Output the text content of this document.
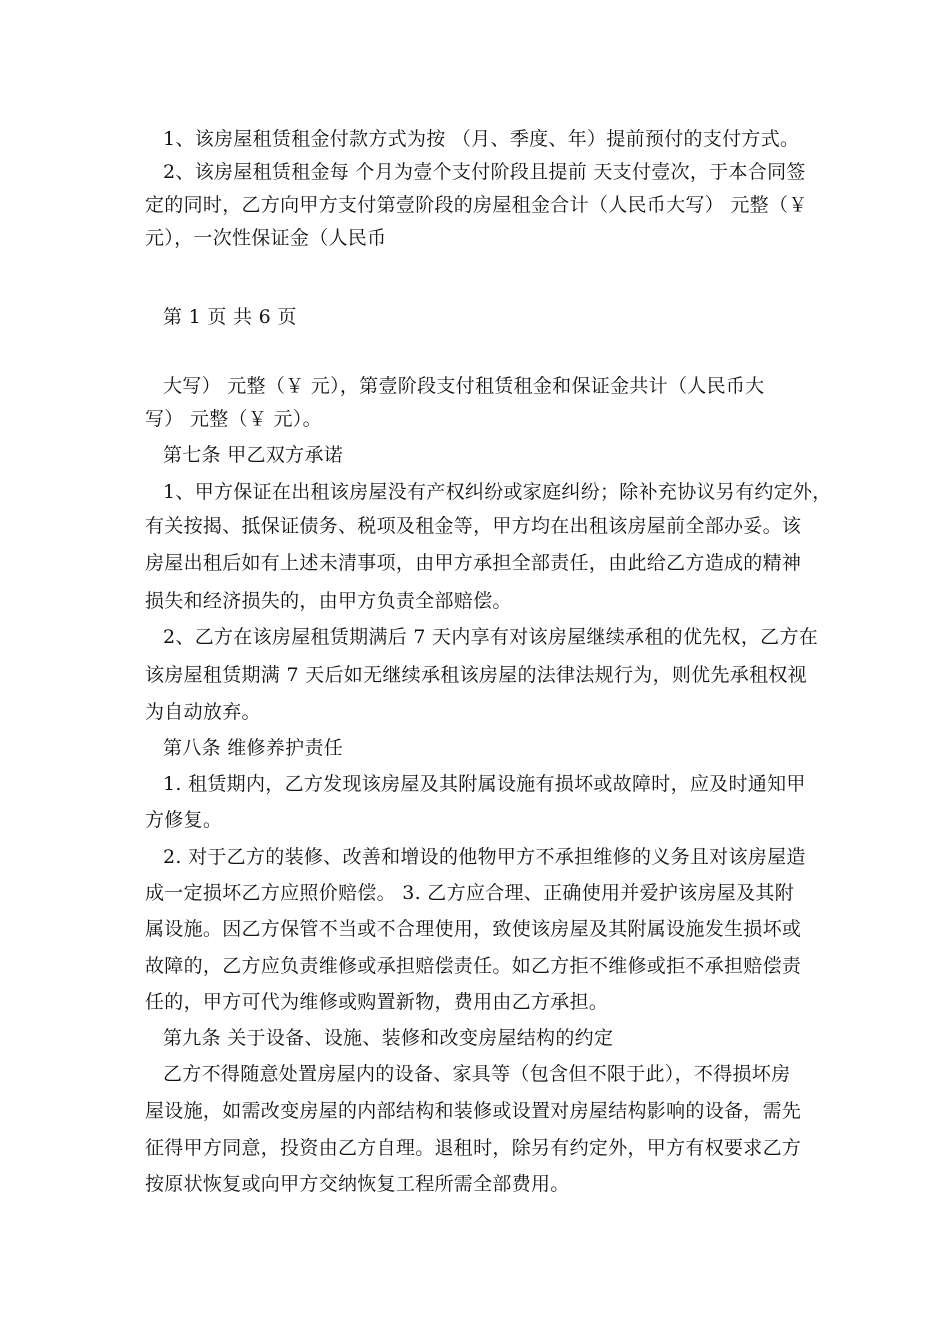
1、该房屋租赁租金付款方式为按 （月、季度、年）提前预付的支付方式。
2、该房屋租赁租金每 个月为壹个支付阶段且提前 天支付壹次，于本合同签
定的同时，乙方向甲方支付第壹阶段的房屋租金合计（人民币大写） 元整（￥
元），一次性保证金（人民币
第 1 页 共 6 页
大写） 元整（￥ 元），第壹阶段支付租赁租金和保证金共计（人民币大
写） 元整（￥ 元）。
第七条 甲乙双方承诺
1、甲方保证在出租该房屋没有产权纠纷或家庭纠纷；除补充协议另有约定外，
有关按揭、抵保证债务、税项及租金等，甲方均在出租该房屋前全部办妥。该
房屋出租后如有上述未清事项，由甲方承担全部责任，由此给乙方造成的精神
损失和经济损失的，由甲方负责全部赔偿。
2、乙方在该房屋租赁期满后 7 天内享有对该房屋继续承租的优先权，乙方在
该房屋租赁期满 7 天后如无继续承租该房屋的法律法规行为，则优先承租权视
为自动放弃。
第八条 维修养护责任
1. 租赁期内，乙方发现该房屋及其附属设施有损坏或故障时，应及时通知甲
方修复。
2. 对于乙方的装修、改善和增设的他物甲方不承担维修的义务且对该房屋造
成一定损坏乙方应照价赔偿。 3. 乙方应合理、正确使用并爱护该房屋及其附
属设施。因乙方保管不当或不合理使用，致使该房屋及其附属设施发生损坏或
故障的，乙方应负责维修或承担赔偿责任。如乙方拒不维修或拒不承担赔偿责
任的，甲方可代为维修或购置新物，费用由乙方承担。
第九条 关于设备、设施、装修和改变房屋结构的约定
乙方不得随意处置房屋内的设备、家具等（包含但不限于此），不得损坏房
屋设施，如需改变房屋的内部结构和装修或设置对房屋结构影响的设备，需先
征得甲方同意，投资由乙方自理。退租时，除另有约定外，甲方有权要求乙方
按原状恢复或向甲方交纳恢复工程所需全部费用。
